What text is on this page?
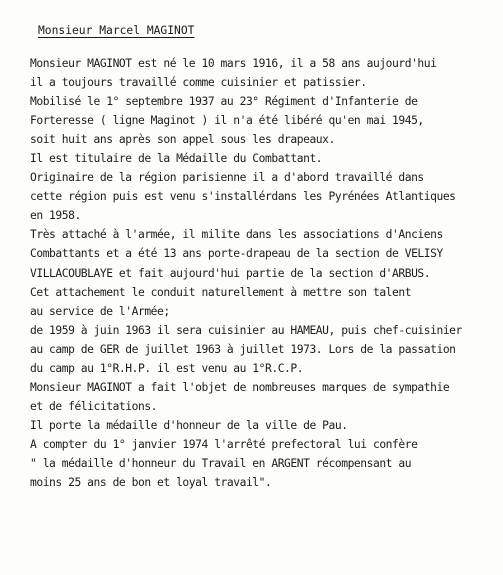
Monsieur Marcel MAGINOT
Monsieur MAGINOT est né le 10 mars 1916, il a 58 ans aujourd'hui
il a toujours travaillé comme cuisinier et patissier.
Mobilisé le 1° septembre 1937 au 23° Régiment d'Infanterie de
Forteresse ( ligne Maginot ) il n'a été libéré qu'en mai 1945,
soit huit ans après son appel sous les drapeaux.
Il est titulaire de la Médaille du Combattant.
Originaire de la région parisienne il a d'abord travaillé dans
cette région puis est venu s'installérdans les Pyrénées Atlantiques
en 1958.
Très attaché à l'armée, il milite dans les associations d'Anciens
Combattants et a été 13 ans porte-drapeau de la section de VELISY
VILLACOUBLAYE et fait aujourd'hui partie de la section d'ARBUS.
Cet attachement le conduit naturellement à mettre son talent
au service de l'Armée;
de 1959 à juin 1963 il sera cuisinier au HAMEAU, puis chef-cuisinier
au camp de GER de juillet 1963 à juillet 1973. Lors de la passation
du camp au 1°R.H.P. il est venu au 1°R.C.P.
Monsieur MAGINOT a fait l'objet de nombreuses marques de sympathie
et de félicitations.
Il porte la médaille d'honneur de la ville de Pau.
A compter du 1° janvier 1974 l'arrêté prefectoral lui confère
" la médaille d'honneur du Travail en ARGENT récompensant au
moins 25 ans de bon et loyal travail".
